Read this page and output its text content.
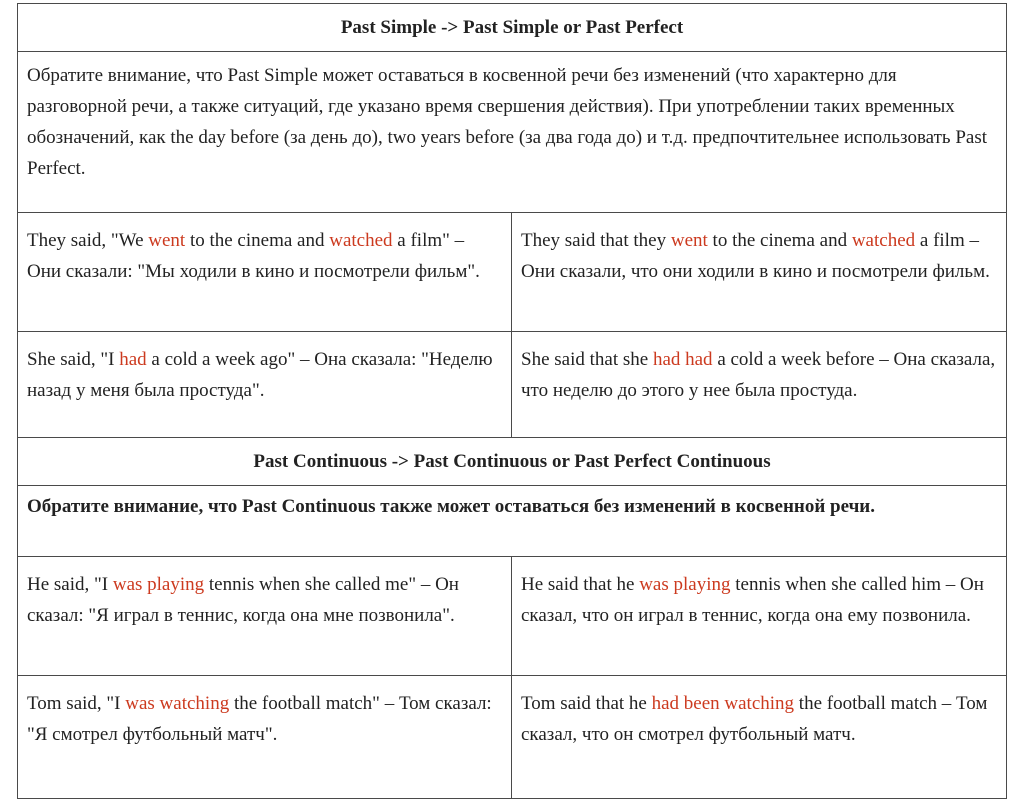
Past Simple -> Past Simple or Past Perfect	
Обратите внимание, что Past Simple может оставаться в косвенной речи без изменений (что характерно для разговорной речи, а также ситуаций, где указано время свершения действия). При употреблении таких временных обозначений, как the day before (за день до), two years before (за два года до) и т.д. предпочтительнее использовать Past Perfect.	
They said, "We went to the cinema and watched a film" – Они сказали: "Мы ходили в кино и посмотрели фильм".	They said that they went to the cinema and watched a film – Они сказали, что они ходили в кино и посмотрели фильм.
She said, "I had a cold a week ago" – Она сказала: "Неделю назад у меня была простуда".	She said that she had had a cold a week before – Она сказала, что неделю до этого у нее была простуда.
Past Continuous -> Past Continuous or Past Perfect Continuous	
Обратите внимание, что Past Continuous также может оставаться без изменений в косвенной речи.	
He said, "I was playing tennis when she called me" – Он сказал: "Я играл в теннис, когда она мне позвонила".	He said that he was playing tennis when she called him – Он сказал, что он играл в теннис, когда она ему позвонила.
Tom said, "I was watching the football match" – Том сказал: "Я смотрел футбольный матч".	Tom said that he had been watching the football match – Том сказал, что он смотрел футбольный матч.
